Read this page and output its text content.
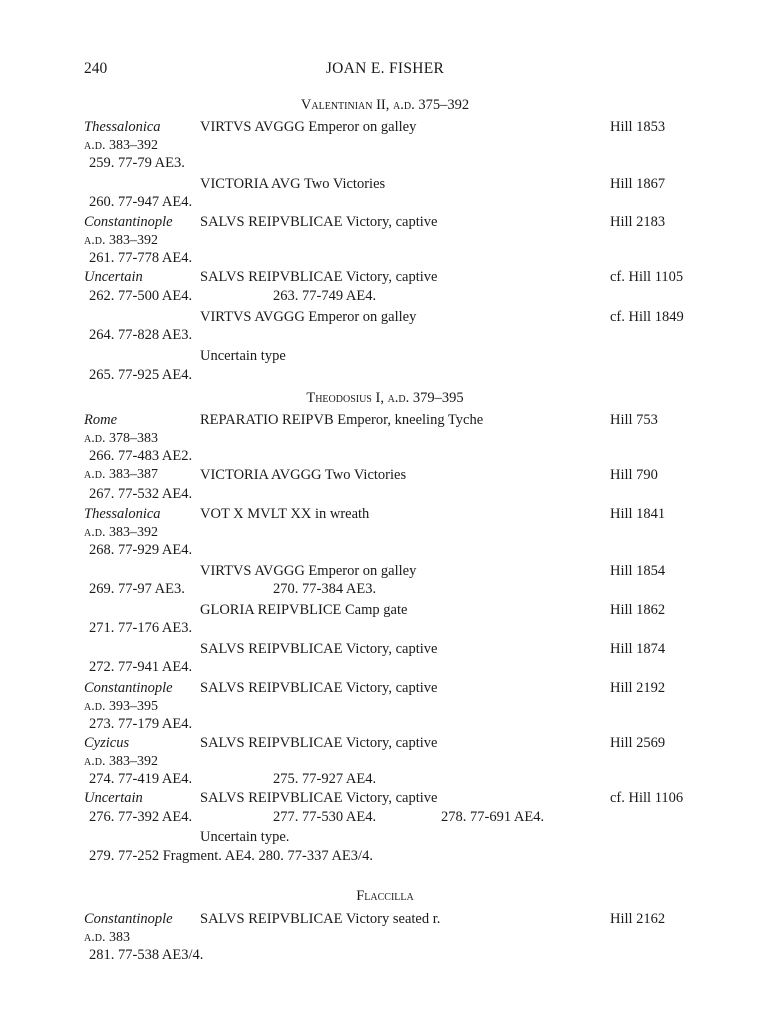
240	JOAN E. FISHER
Valentinian II, a.d. 375–392
Thessalonica	VIRTVS AVGGG Emperor on galley	Hill 1853
a.d. 383–392
259. 77-79 AE3.
VICTORIA AVG Two Victories	Hill 1867
260. 77-947 AE4.
Constantinople SALVS REIPVBLICAE Victory, captive	Hill 2183
a.d. 383–392
261. 77-778 AE4.
Uncertain	SALVS REIPVBLICAE Victory, captive	cf. Hill 1105
262. 77-500 AE4.	263. 77-749 AE4.
VIRTVS AVGGG Emperor on galley	cf. Hill 1849
264. 77-828 AE3.
Uncertain type
265. 77-925 AE4.
Theodosius I, a.d. 379–395
Rome	REPARATIO REIPVB Emperor, kneeling Tyche	Hill 753
a.d. 378–383
266. 77-483 AE2.
a.d. 383–387	VICTORIA AVGGG Two Victories	Hill 790
267. 77-532 AE4.
Thessalonica	VOT X MVLT XX in wreath	Hill 1841
a.d. 383–392
268. 77-929 AE4.
VIRTVS AVGGG Emperor on galley	Hill 1854
269. 77-97 AE3.	270. 77-384 AE3.
GLORIA REIPVBLICE Camp gate	Hill 1862
271. 77-176 AE3.
SALVS REIPVBLICAE Victory, captive	Hill 1874
272. 77-941 AE4.
Constantinople SALVS REIPVBLICAE Victory, captive	Hill 2192
a.d. 393–395
273. 77-179 AE4.
Cyzicus	SALVS REIPVBLICAE Victory, captive	Hill 2569
a.d. 383–392
274. 77-419 AE4.	275. 77-927 AE4.
Uncertain	SALVS REIPVBLICAE Victory, captive	cf. Hill 1106
276. 77-392 AE4.	277. 77-530 AE4.	278. 77-691 AE4.
Uncertain type.
279. 77-252 Fragment. AE4. 280. 77-337 AE3/4.
Flaccilla
Constantinople SALVS REIPVBLICAE Victory seated r.	Hill 2162
a.d. 383
281. 77-538 AE3/4.
